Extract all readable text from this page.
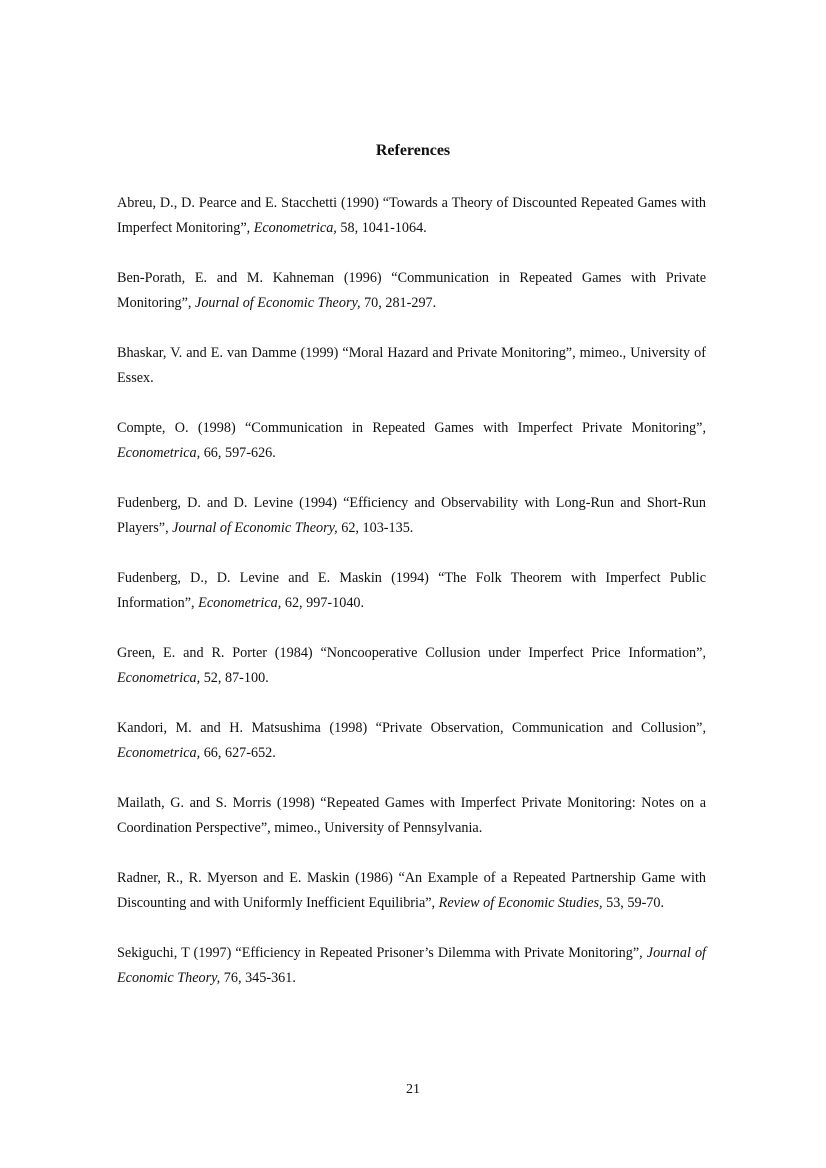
References

Abreu, D., D. Pearce and E. Stacchetti (1990) “Towards a Theory of Discounted Repeated Games with Imperfect Monitoring”, Econometrica, 58, 1041-1064.

Ben-Porath, E. and M. Kahneman (1996) “Communication in Repeated Games with Private Monitoring”, Journal of Economic Theory, 70, 281-297.

Bhaskar, V. and E. van Damme (1999) “Moral Hazard and Private Monitoring”, mimeo., University of Essex.

Compte, O. (1998) “Communication in Repeated Games with Imperfect Private Monitoring”, Econometrica, 66, 597-626.

Fudenberg, D. and D. Levine (1994) “Efficiency and Observability with Long-Run and Short-Run Players”, Journal of Economic Theory, 62, 103-135.

Fudenberg, D., D. Levine and E. Maskin (1994) “The Folk Theorem with Imperfect Public Information”, Econometrica, 62, 997-1040.

Green, E. and R. Porter (1984) “Noncooperative Collusion under Imperfect Price Information”, Econometrica, 52, 87-100.

Kandori, M. and H. Matsushima (1998) “Private Observation, Communication and Collusion”, Econometrica, 66, 627-652.

Mailath, G. and S. Morris (1998) “Repeated Games with Imperfect Private Monitoring: Notes on a Coordination Perspective”, mimeo., University of Pennsylvania.

Radner, R., R. Myerson and E. Maskin (1986) “An Example of a Repeated Partnership Game with Discounting and with Uniformly Inefficient Equilibria”, Review of Economic Studies, 53, 59-70.

Sekiguchi, T (1997) “Efficiency in Repeated Prisoner’s Dilemma with Private Monitoring”, Journal of Economic Theory, 76, 345-361.

21
